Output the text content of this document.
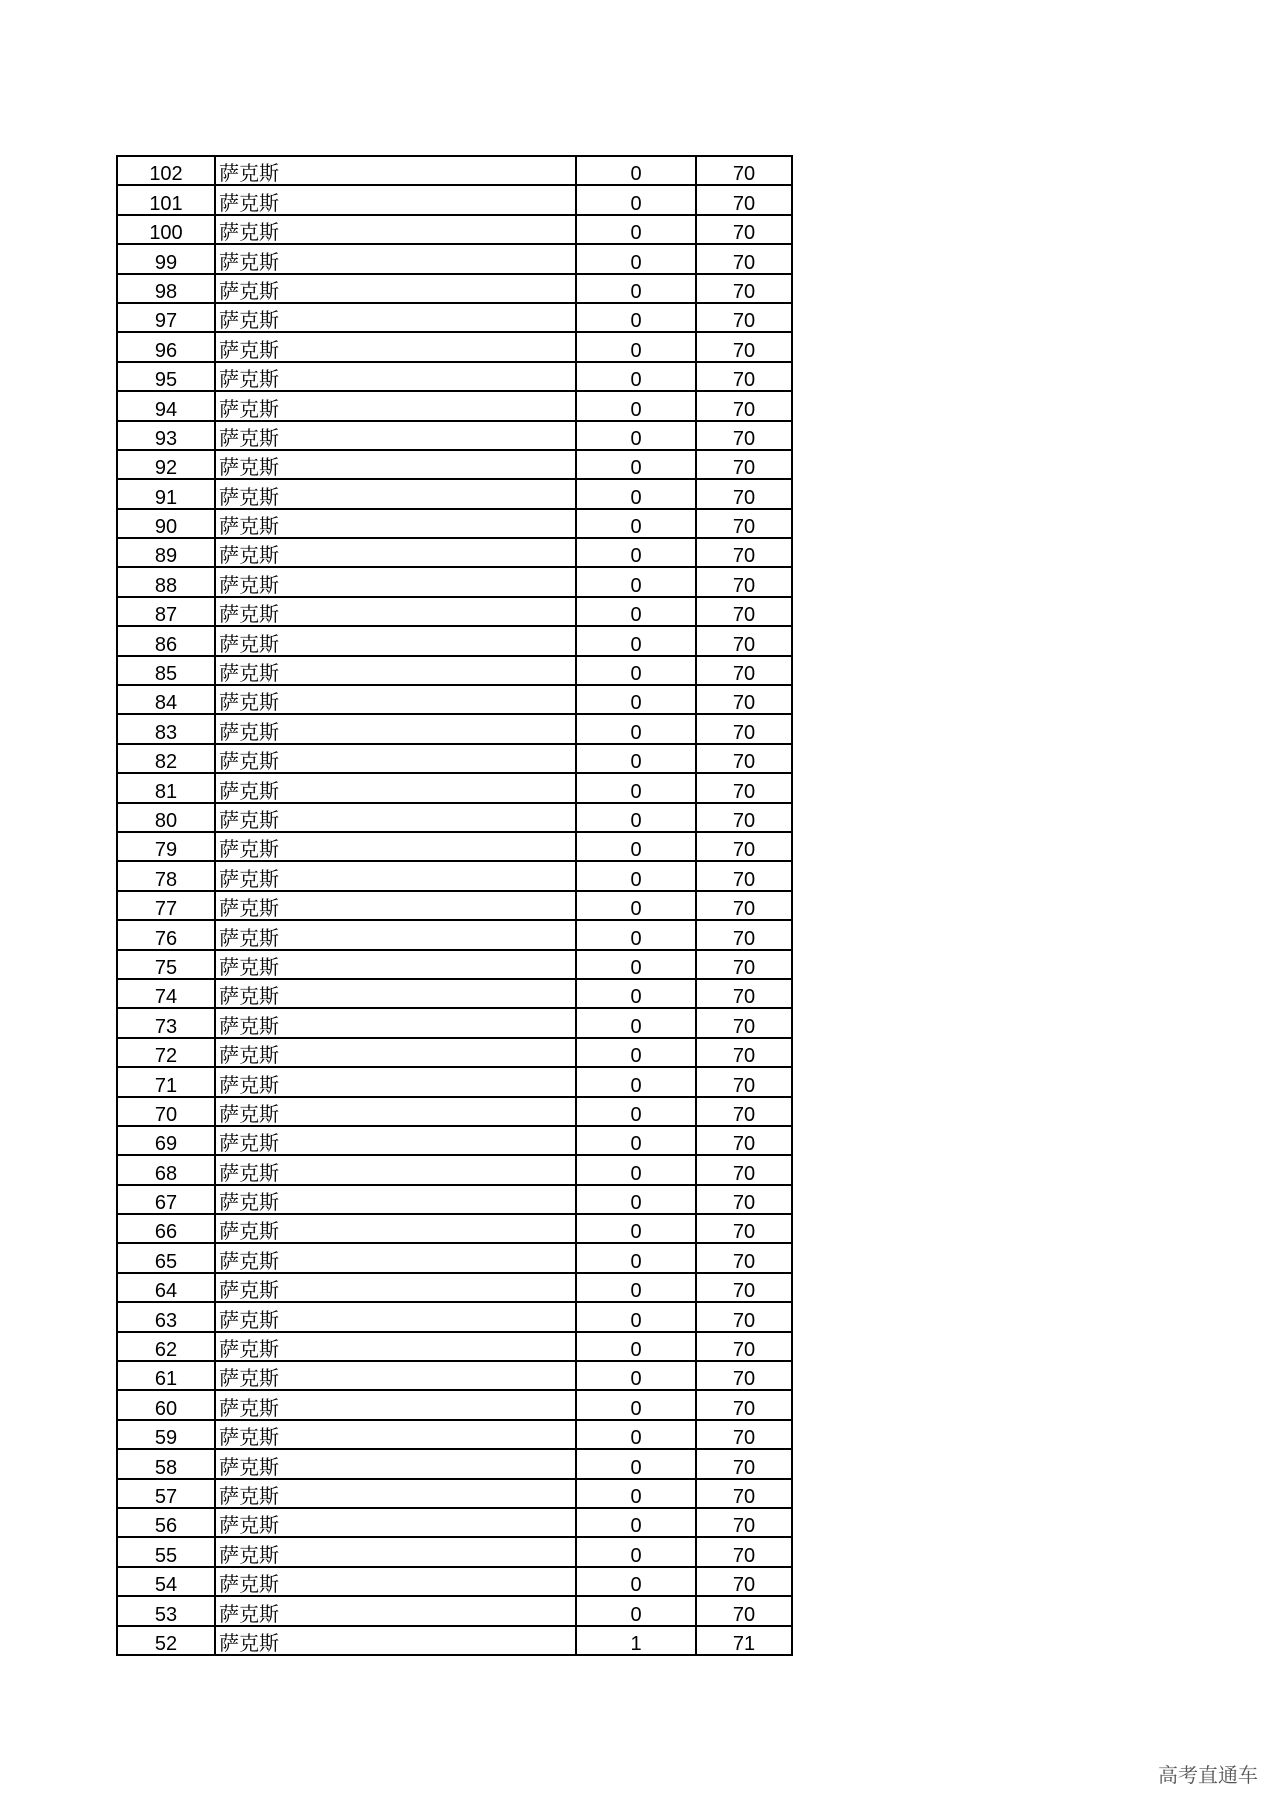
102	萨克斯	0	70
101	萨克斯	0	70
100	萨克斯	0	70
99	萨克斯	0	70
98	萨克斯	0	70
97	萨克斯	0	70
96	萨克斯	0	70
95	萨克斯	0	70
94	萨克斯	0	70
93	萨克斯	0	70
92	萨克斯	0	70
91	萨克斯	0	70
90	萨克斯	0	70
89	萨克斯	0	70
88	萨克斯	0	70
87	萨克斯	0	70
86	萨克斯	0	70
85	萨克斯	0	70
84	萨克斯	0	70
83	萨克斯	0	70
82	萨克斯	0	70
81	萨克斯	0	70
80	萨克斯	0	70
79	萨克斯	0	70
78	萨克斯	0	70
77	萨克斯	0	70
76	萨克斯	0	70
75	萨克斯	0	70
74	萨克斯	0	70
73	萨克斯	0	70
72	萨克斯	0	70
71	萨克斯	0	70
70	萨克斯	0	70
69	萨克斯	0	70
68	萨克斯	0	70
67	萨克斯	0	70
66	萨克斯	0	70
65	萨克斯	0	70
64	萨克斯	0	70
63	萨克斯	0	70
62	萨克斯	0	70
61	萨克斯	0	70
60	萨克斯	0	70
59	萨克斯	0	70
58	萨克斯	0	70
57	萨克斯	0	70
56	萨克斯	0	70
55	萨克斯	0	70
54	萨克斯	0	70
53	萨克斯	0	70
52	萨克斯	1	71
高考直通车
